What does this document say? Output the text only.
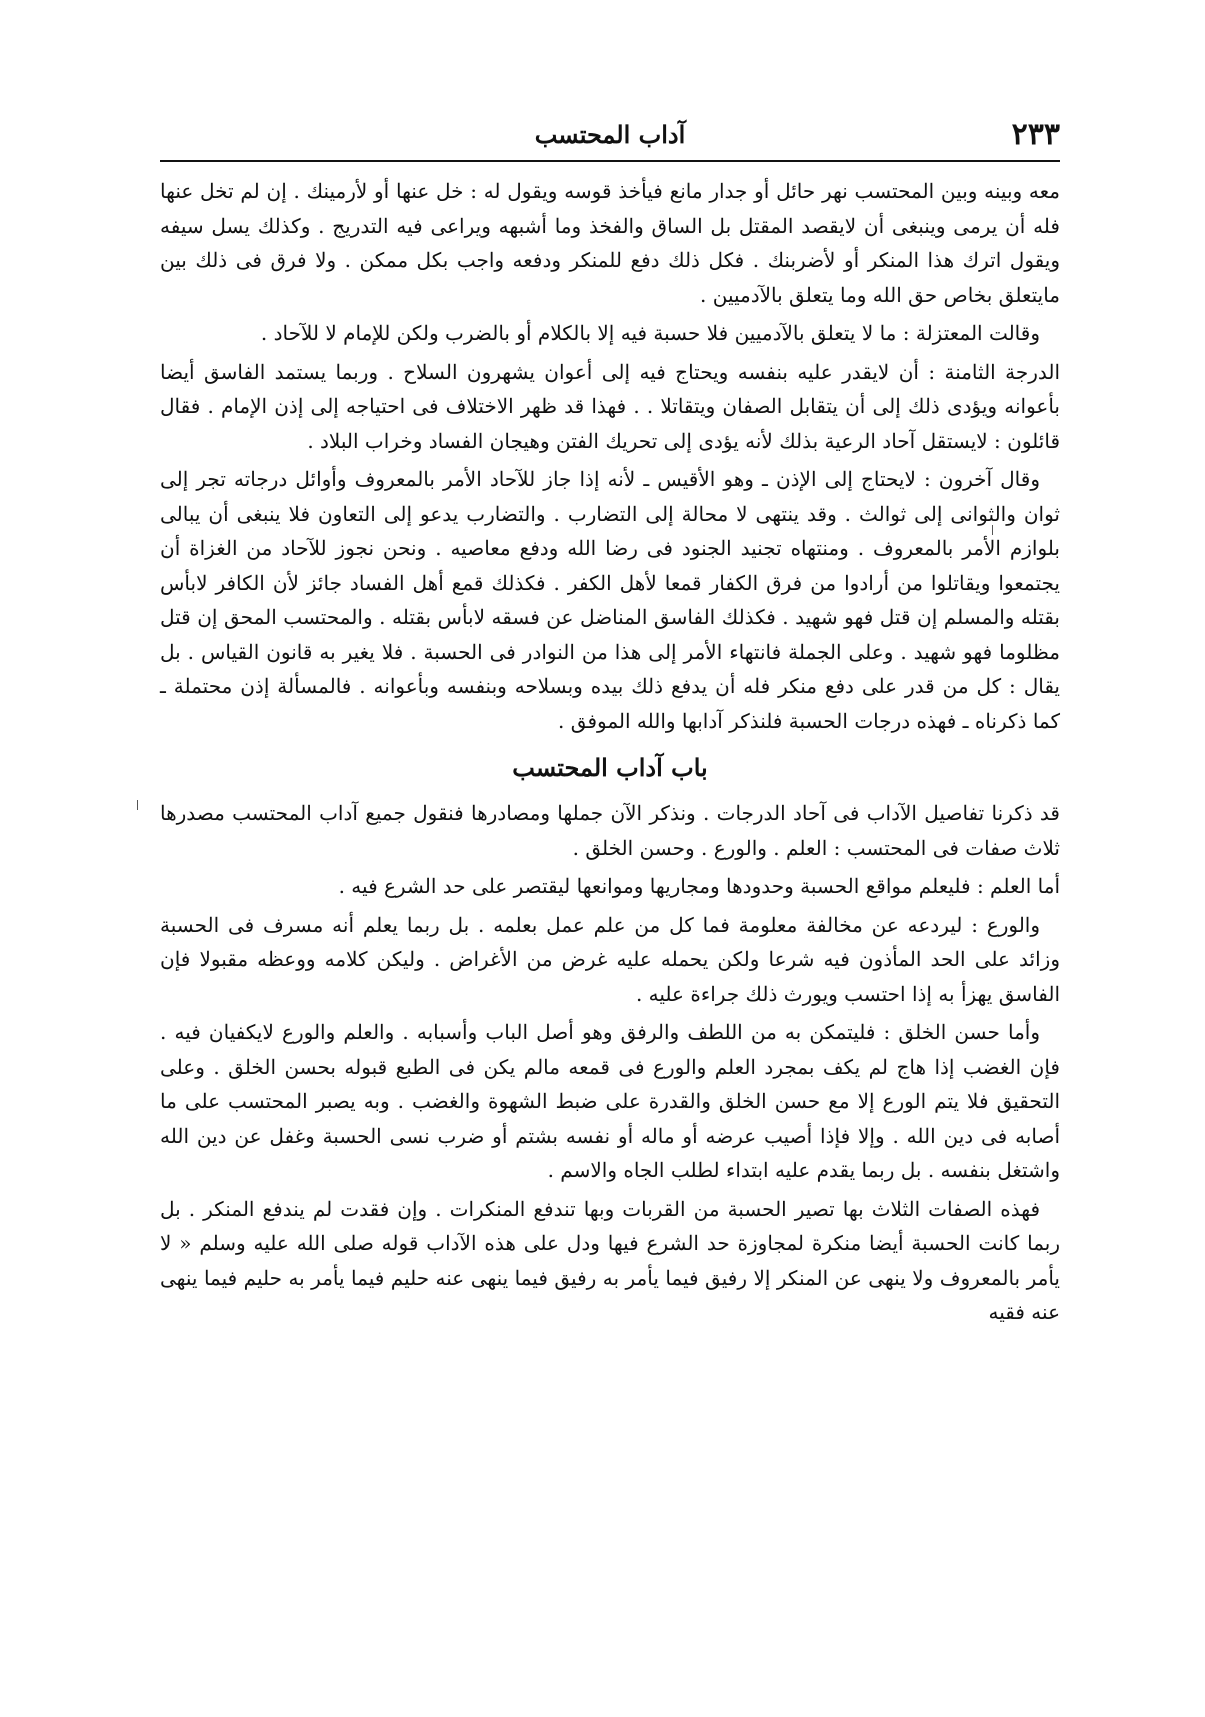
٢٣٣
آداب المحتسب

معه وبينه وبين المحتسب نهر حائل أو جدار مانع فيأخذ قوسه ويقول له : خل عنها أو لأرمينك . إن لم تخل عنها فله أن يرمى وينبغى أن لايقصد المقتل بل الساق والفخذ وما أشبهه ويراعى فيه التدريج . وكذلك يسل سيفه ويقول اترك هذا المنكر أو لأضربنك . فكل ذلك دفع للمنكر ودفعه واجب بكل ممكن . ولا فرق فى ذلك بين مايتعلق بخاص حق الله وما يتعلق بالآدميين .

وقالت المعتزلة : ما لا يتعلق بالآدميين فلا حسبة فيه إلا بالكلام أو بالضرب ولكن للإمام لا للآحاد .

الدرجة الثامنة : أن لايقدر عليه بنفسه ويحتاج فيه إلى أعوان يشهرون السلاح . وربما يستمد الفاسق أيضا بأعوانه ويؤدى ذلك إلى أن يتقابل الصفان ويتقاتلا . . فهذا قد ظهر الاختلاف فى احتياجه إلى إذن الإمام . فقال قائلون : لايستقل آحاد الرعية بذلك لأنه يؤدى إلى تحريك الفتن وهيجان الفساد وخراب البلاد .

وقال آخرون : لايحتاج إلى الإذن ـ وهو الأقيس ـ لأنه إذا جاز للآحاد الأمر بالمعروف وأوائل درجاته تجر إلى ثوان والثوانى إلى ثوالث . وقد ينتهى لا محالة إلى التضارب . والتضارب يدعو إلى التعاون فلا ينبغى أن يبالى بلوازم الأمر بالمعروف . ومنتهاه تجنيد الجنود فى رضا الله ودفع معاصيه . ونحن نجوز للآحاد من الغزاة أن يجتمعوا ويقاتلوا من أرادوا من فرق الكفار قمعا لأهل الكفر . فكذلك قمع أهل الفساد جائز لأن الكافر لابأس بقتله والمسلم إن قتل فهو شهيد . فكذلك الفاسق المناضل عن فسقه لابأس بقتله . والمحتسب المحق إن قتل مظلوما فهو شهيد . وعلى الجملة فانتهاء الأمر إلى هذا من النوادر فى الحسبة . فلا يغير به قانون القياس . بل يقال : كل من قدر على دفع منكر فله أن يدفع ذلك بيده وبسلاحه وبنفسه وبأعوانه . فالمسألة إذن محتملة ـ كما ذكرناه ـ فهذه درجات الحسبة فلنذكر آدابها والله الموفق .

باب آداب المحتسب

قد ذكرنا تفاصيل الآداب فى آحاد الدرجات . ونذكر الآن جملها ومصادرها فنقول جميع آداب المحتسب مصدرها ثلاث صفات فى المحتسب : العلم . والورع . وحسن الخلق .

أما العلم : فليعلم مواقع الحسبة وحدودها ومجاريها وموانعها ليقتصر على حد الشرع فيه .

والورع : ليردعه عن مخالفة معلومة فما كل من علم عمل بعلمه . بل ربما يعلم أنه مسرف فى الحسبة وزائد على الحد المأذون فيه شرعا ولكن يحمله عليه غرض من الأغراض . وليكن كلامه ووعظه مقبولا فإن الفاسق يهزأ به إذا احتسب ويورث ذلك جراءة عليه .

وأما حسن الخلق : فليتمكن به من اللطف والرفق وهو أصل الباب وأسبابه . والعلم والورع لايكفيان فيه . فإن الغضب إذا هاج لم يكف بمجرد العلم والورع فى قمعه مالم يكن فى الطبع قبوله بحسن الخلق . وعلى التحقيق فلا يتم الورع إلا مع حسن الخلق والقدرة على ضبط الشهوة والغضب . وبه يصبر المحتسب على ما أصابه فى دين الله . وإلا فإذا أصيب عرضه أو ماله أو نفسه بشتم أو ضرب نسى الحسبة وغفل عن دين الله واشتغل بنفسه . بل ربما يقدم عليه ابتداء لطلب الجاه والاسم .

فهذه الصفات الثلاث بها تصير الحسبة من القربات وبها تندفع المنكرات . وإن فقدت لم يندفع المنكر . بل ربما كانت الحسبة أيضا منكرة لمجاوزة حد الشرع فيها ودل على هذه الآداب قوله صلى الله عليه وسلم « لا يأمر بالمعروف ولا ينهى عن المنكر إلا رفيق فيما يأمر به رفيق فيما ينهى عنه حليم فيما يأمر به حليم فيما ينهى عنه فقيه
